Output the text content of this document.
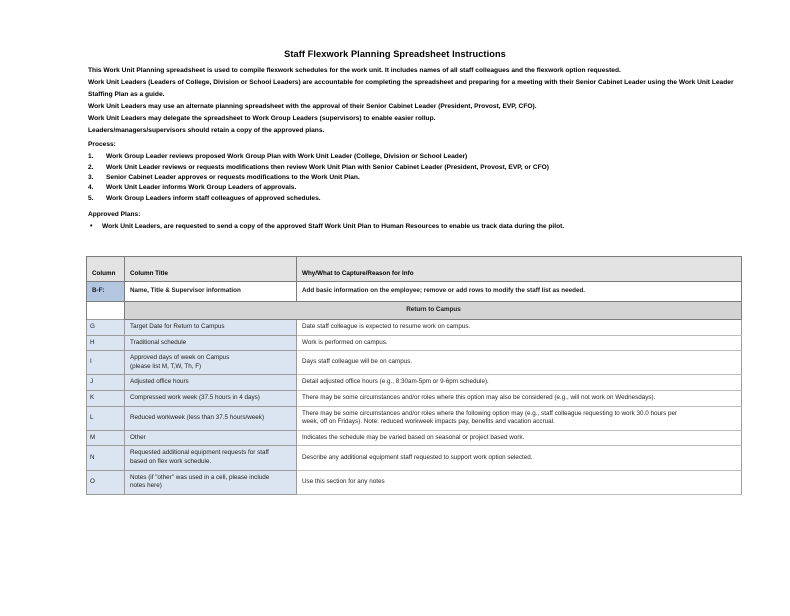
Staff Flexwork Planning Spreadsheet Instructions

This Work Unit Planning spreadsheet is used to compile flexwork schedules for the work unit. It includes names of all staff colleagues and the flexwork option requested.

Work Unit Leaders (Leaders of College, Division or School Leaders) are accountable for completing the spreadsheet and preparing for a meeting with their Senior Cabinet Leader using the Work Unit Leader

Staffing Plan as a guide.

Work Unit Leaders may use an alternate planning spreadsheet with the approval of their Senior Cabinet Leader (President, Provost, EVP, CFO).

Work Unit Leaders may delegate the spreadsheet to Work Group Leaders (supervisors) to enable easier rollup.

Leaders/managers/supervisors should retain a copy of the approved plans.

Process:

1.	Work Group Leader reviews proposed Work Group Plan with Work Unit Leader (College, Division or School Leader)
2.	Work Unit Leader reviews or requests modifications then review Work Unit Plan with Senior Cabinet Leader (President, Provost, EVP, or CFO)
3.	Senior Cabinet Leader approves or requests modifications to the Work Unit Plan.
4.	Work Unit Leader informs Work Group Leaders of approvals.
5.	Work Group Leaders inform staff colleagues of approved schedules.

Approved Plans:

• Work Unit Leaders, are requested to send a copy of the approved Staff Work Unit Plan to Human Resources to enable us track data during the pilot.
Column	Column Title	Why/What to Capture/Reason for Info
B-F:	Name, Title & Supervisor information	Add basic information on the employee; remove or add rows to modify the staff list as needed.
	Return to Campus	
G	Target Date for Return to Campus	Date staff colleague is expected to resume work on campus.

H	Traditional schedule	Work is performed on campus.

I	Approved days of week on Campus
(please list M, T,W, Th, F)	Days staff colleague will be on campus.

J	Adjusted office hours	Detail adjusted office hours (e.g., 8:30am-5pm or 9-6pm schedule).

K	Compressed work week (37.5 hours in 4 days)	There may be some circumstances and/or roles where this option may also be considered (e.g., will not work on Wednesdays).

L	Reduced workweek (less than 37.5 hours/week)	There may be some circumstances and/or roles where the following option may (e.g., staff colleague requesting to work 30.0 hours per
week, off on Fridays). Note: reduced workweek impacts pay, benefits and vacation accrual.

M	Other	Indicates the schedule may be varied based on seasonal or project based work.

N	Requested additional equipment requests for staff
based on flex work schedule.	Describe any additional equipment staff requested to support work option selected.

O	Notes (if "other" was used in a cell, please include
notes here)	Use this section for any notes
